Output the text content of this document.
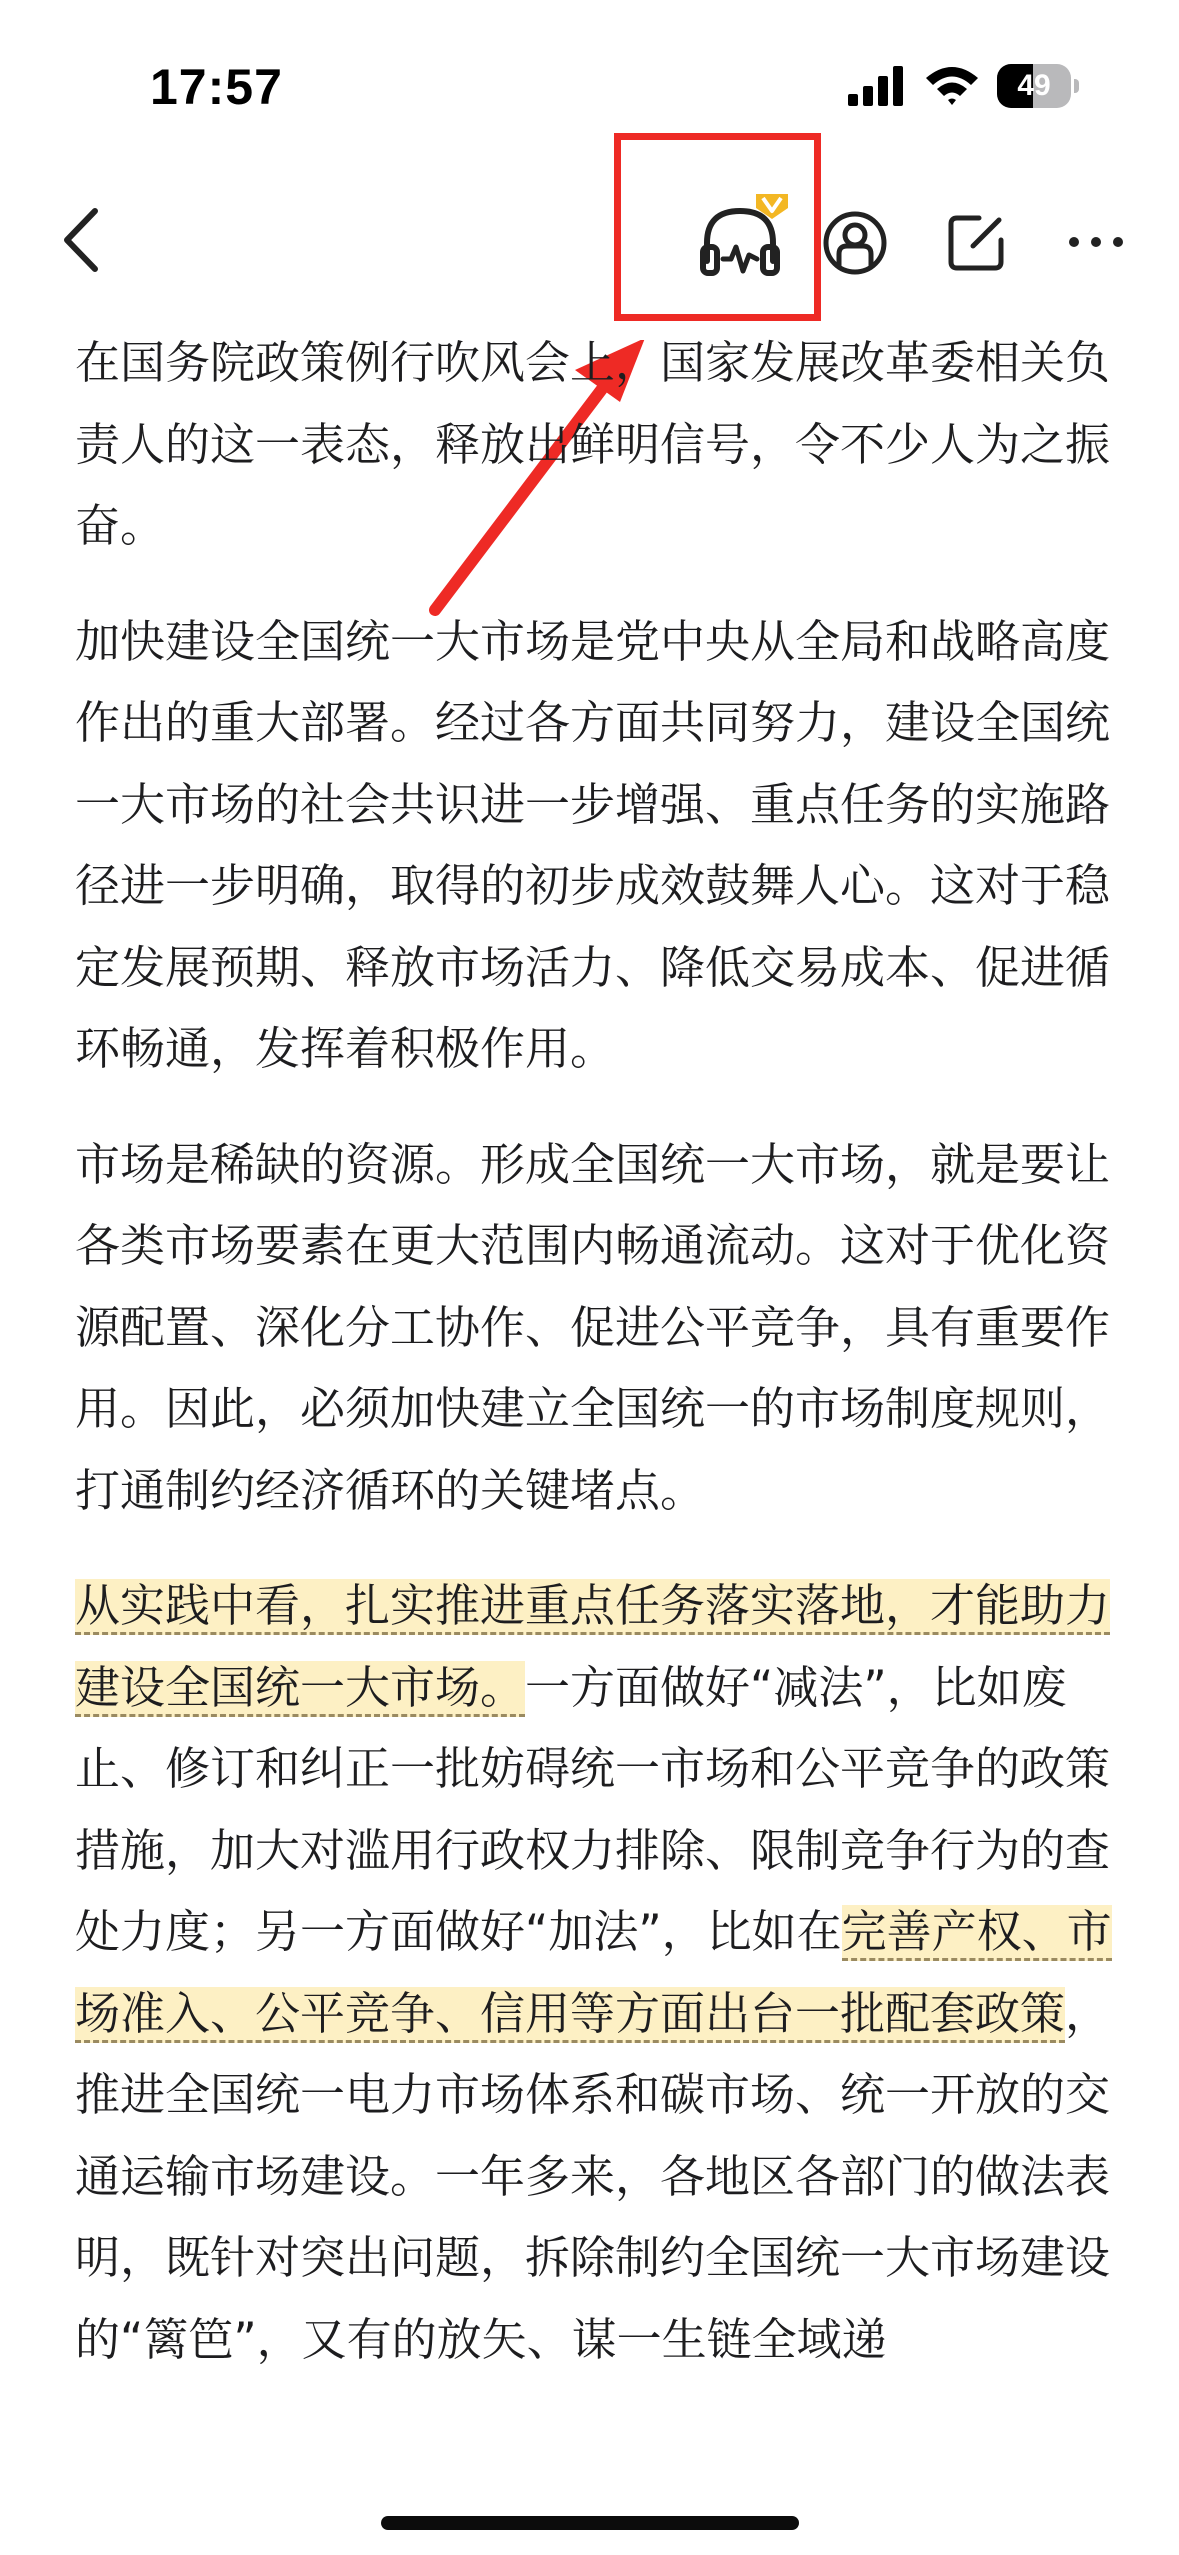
17:57	49

在国务院政策例行吹风会上，国家发展改革委相关负责人的这一表态，释放出鲜明信号，令不少人为之振奋。

加快建设全国统一大市场是党中央从全局和战略高度作出的重大部署。经过各方面共同努力，建设全国统一大市场的社会共识进一步增强、重点任务的实施路径进一步明确，取得的初步成效鼓舞人心。这对于稳定发展预期、释放市场活力、降低交易成本、促进循环畅通，发挥着积极作用。

市场是稀缺的资源。形成全国统一大市场，就是要让各类市场要素在更大范围内畅通流动。这对于优化资源配置、深化分工协作、促进公平竞争，具有重要作用。因此，必须加快建立全国统一的市场制度规则，打通制约经济循环的关键堵点。

从实践中看，扎实推进重点任务落实落地，才能助力建设全国统一大市场。一方面做好“减法”，比如废止、修订和纠正一批妨碍统一市场和公平竞争的政策措施，加大对滥用行政权力排除、限制竞争行为的查处力度；另一方面做好“加法”，比如在完善产权、市场准入、公平竞争、信用等方面出台一批配套政策，推进全国统一电力市场体系和碳市场、统一开放的交通运输市场建设。一年多来，各地区各部门的做法表明，既针对突出问题，拆除制约全国统一大市场建设的“篱笆”，又有的放矢、谋一生链全域递
